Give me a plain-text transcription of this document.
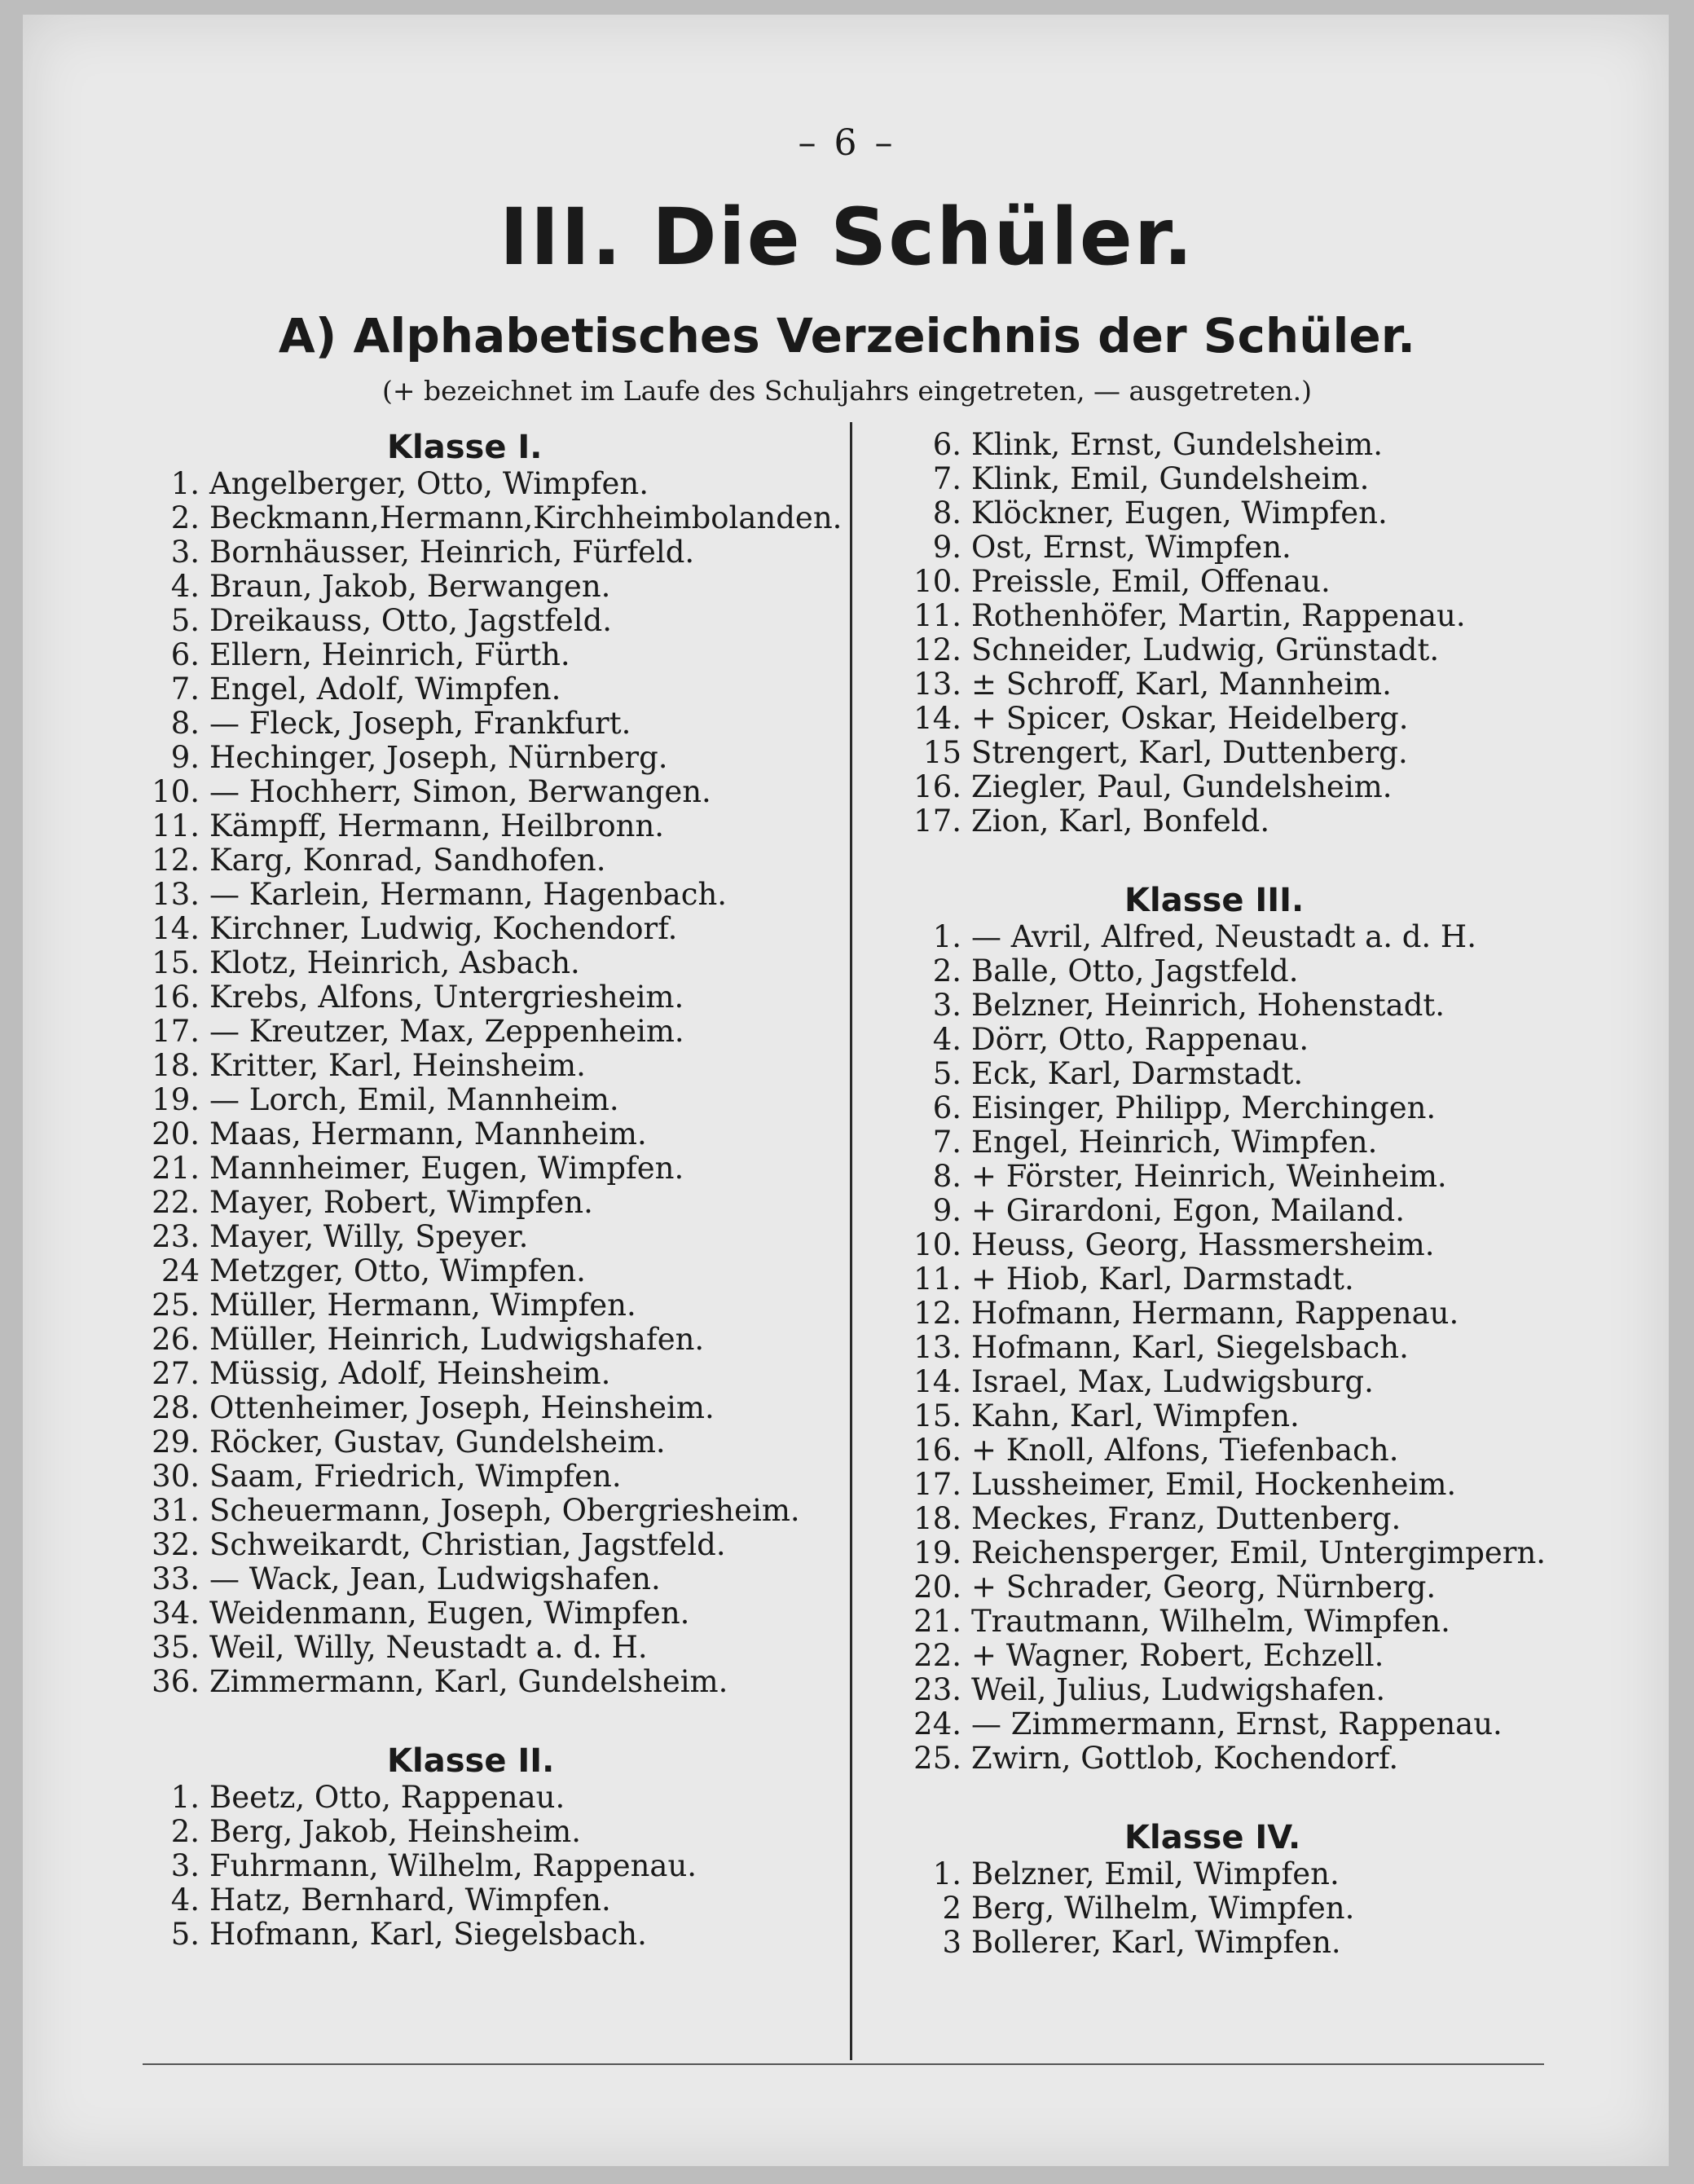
– 6 –
III. Die Schüler.
A) Alphabetisches Verzeichnis der Schüler.
(+ bezeichnet im Laufe des Schuljahrs eingetreten, — ausgetreten.)
Klasse I.
1. Angelberger, Otto, Wimpfen.
2. Beckmann,Hermann,Kirchheimbolanden.
3. Bornhäusser, Heinrich, Fürfeld.
4. Braun, Jakob, Berwangen.
5. Dreikauss, Otto, Jagstfeld.
6. Ellern, Heinrich, Fürth.
7. Engel, Adolf, Wimpfen.
8. — Fleck, Joseph, Frankfurt.
9. Hechinger, Joseph, Nürnberg.
10. — Hochherr, Simon, Berwangen.
11. Kämpff, Hermann, Heilbronn.
12. Karg, Konrad, Sandhofen.
13. — Karlein, Hermann, Hagenbach.
14. Kirchner, Ludwig, Kochendorf.
15. Klotz, Heinrich, Asbach.
16. Krebs, Alfons, Untergriesheim.
17. — Kreutzer, Max, Zeppenheim.
18. Kritter, Karl, Heinsheim.
19. — Lorch, Emil, Mannheim.
20. Maas, Hermann, Mannheim.
21. Mannheimer, Eugen, Wimpfen.
22. Mayer, Robert, Wimpfen.
23. Mayer, Willy, Speyer.
24 Metzger, Otto, Wimpfen.
25. Müller, Hermann, Wimpfen.
26. Müller, Heinrich, Ludwigshafen.
27. Müssig, Adolf, Heinsheim.
28. Ottenheimer, Joseph, Heinsheim.
29. Röcker, Gustav, Gundelsheim.
30. Saam, Friedrich, Wimpfen.
31. Scheuermann, Joseph, Obergriesheim.
32. Schweikardt, Christian, Jagstfeld.
33. — Wack, Jean, Ludwigshafen.
34. Weidenmann, Eugen, Wimpfen.
35. Weil, Willy, Neustadt a. d. H.
36. Zimmermann, Karl, Gundelsheim.
Klasse II.
1. Beetz, Otto, Rappenau.
2. Berg, Jakob, Heinsheim.
3. Fuhrmann, Wilhelm, Rappenau.
4. Hatz, Bernhard, Wimpfen.
5. Hofmann, Karl, Siegelsbach.
6. Klink, Ernst, Gundelsheim.
7. Klink, Emil, Gundelsheim.
8. Klöckner, Eugen, Wimpfen.
9. Ost, Ernst, Wimpfen.
10. Preissle, Emil, Offenau.
11. Rothenhöfer, Martin, Rappenau.
12. Schneider, Ludwig, Grünstadt.
13. ± Schroff, Karl, Mannheim.
14. + Spicer, Oskar, Heidelberg.
15 Strengert, Karl, Duttenberg.
16. Ziegler, Paul, Gundelsheim.
17. Zion, Karl, Bonfeld.
Klasse III.
1. — Avril, Alfred, Neustadt a. d. H.
2. Balle, Otto, Jagstfeld.
3. Belzner, Heinrich, Hohenstadt.
4. Dörr, Otto, Rappenau.
5. Eck, Karl, Darmstadt.
6. Eisinger, Philipp, Merchingen.
7. Engel, Heinrich, Wimpfen.
8. + Förster, Heinrich, Weinheim.
9. + Girardoni, Egon, Mailand.
10. Heuss, Georg, Hassmersheim.
11. + Hiob, Karl, Darmstadt.
12. Hofmann, Hermann, Rappenau.
13. Hofmann, Karl, Siegelsbach.
14. Israel, Max, Ludwigsburg.
15. Kahn, Karl, Wimpfen.
16. + Knoll, Alfons, Tiefenbach.
17. Lussheimer, Emil, Hockenheim.
18. Meckes, Franz, Duttenberg.
19. Reichensperger, Emil, Untergimpern.
20. + Schrader, Georg, Nürnberg.
21. Trautmann, Wilhelm, Wimpfen.
22. + Wagner, Robert, Echzell.
23. Weil, Julius, Ludwigshafen.
24. — Zimmermann, Ernst, Rappenau.
25. Zwirn, Gottlob, Kochendorf.
Klasse IV.
1. Belzner, Emil, Wimpfen.
2 Berg, Wilhelm, Wimpfen.
3 Bollerer, Karl, Wimpfen.
